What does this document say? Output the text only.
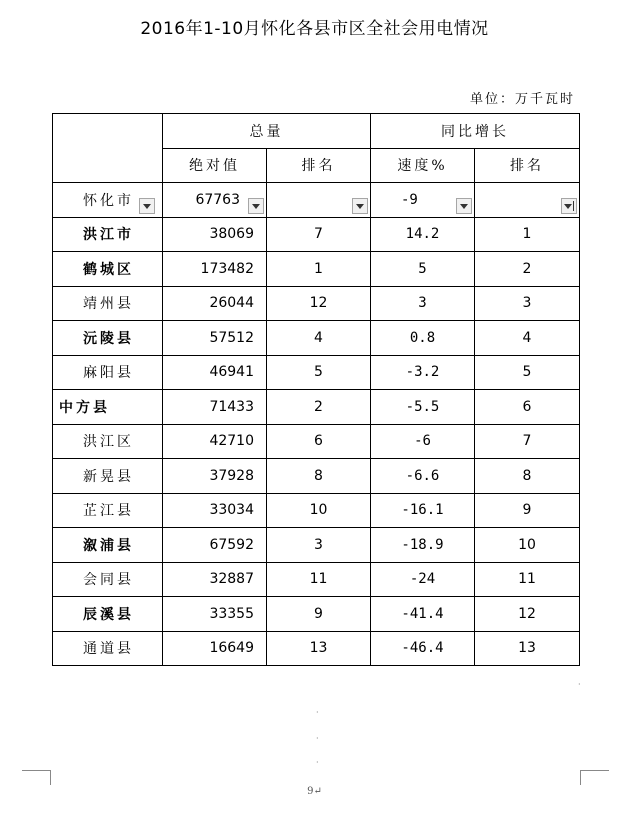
2016年1-10月怀化各县市区全社会用电情况
单位：万千瓦时
	总量		同比增长	
	绝对值	排名	速度%	排名

怀化市	67763		-9	

洪江市	38069	7	14.2	1
鹤城区	173482	1	5	2
靖州县	26044	12	3	3
沅陵县	57512	4	0.8	4
麻阳县	46941	5	-3.2	5
中方县	71433	2	-5.5	6
洪江区	42710	6	-6	7
新晃县	37928	8	-6.6	8
芷江县	33034	10	-16.1	9
溆浦县	67592	3	-18.9	10
会同县	32887	11	-24	11
辰溪县	33355	9	-41.4	12
通道县	16649	13	-46.4	13
·
·
·
·
9↵
